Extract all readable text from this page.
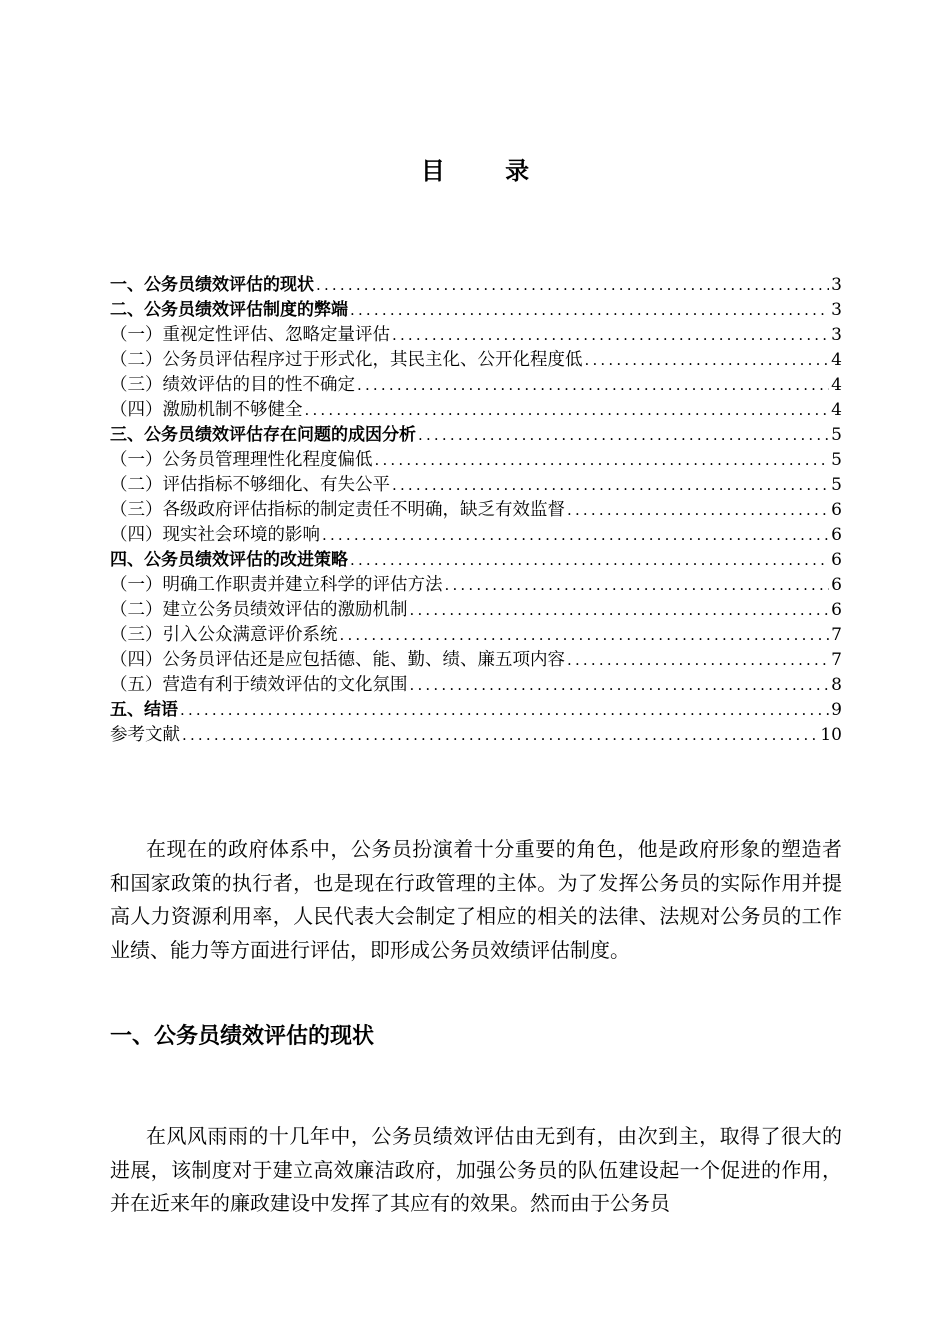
目 录
一、公务员绩效评估的现状 .....	3
二、公务员绩效评估制度的弊端 .....	3
（一）重视定性评估、忽略定量评估 .....	3
（二）公务员评估程序过于形式化，其民主化、公开化程度低 .....	4
（三）绩效评估的目的性不确定 .....	4
（四）激励机制不够健全 .....	4
三、公务员绩效评估存在问题的成因分析 .....	5
（一）公务员管理理性化程度偏低 .....	5
（二）评估指标不够细化、有失公平 .....	5
（三）各级政府评估指标的制定责任不明确，缺乏有效监督 .....	6
（四）现实社会环境的影响 .....	6
四、公务员绩效评估的改进策略 .....	6
（一）明确工作职责并建立科学的评估方法 .....	6
（二）建立公务员绩效评估的激励机制 .....	6
（三）引入公众满意评价系统 .....	7
（四）公务员评估还是应包括德、能、勤、绩、廉五项内容 .....	7
（五）营造有利于绩效评估的文化氛围 .....	8
五、结语 .....	9
参考文献 .....	10

在现在的政府体系中，公务员扮演着十分重要的角色，他是政府形象的塑造者和国家政策的执行者，也是现在行政管理的主体。为了发挥公务员的实际作用并提高人力资源利用率，人民代表大会制定了相应的相关的法律、法规对公务员的工作业绩、能力等方面进行评估，即形成公务员效绩评估制度。

一、公务员绩效评估的现状

在风风雨雨的十几年中，公务员绩效评估由无到有，由次到主，取得了很大的进展，该制度对于建立高效廉洁政府，加强公务员的队伍建设起一个促进的作用，并在近来年的廉政建设中发挥了其应有的效果。然而由于公务员
